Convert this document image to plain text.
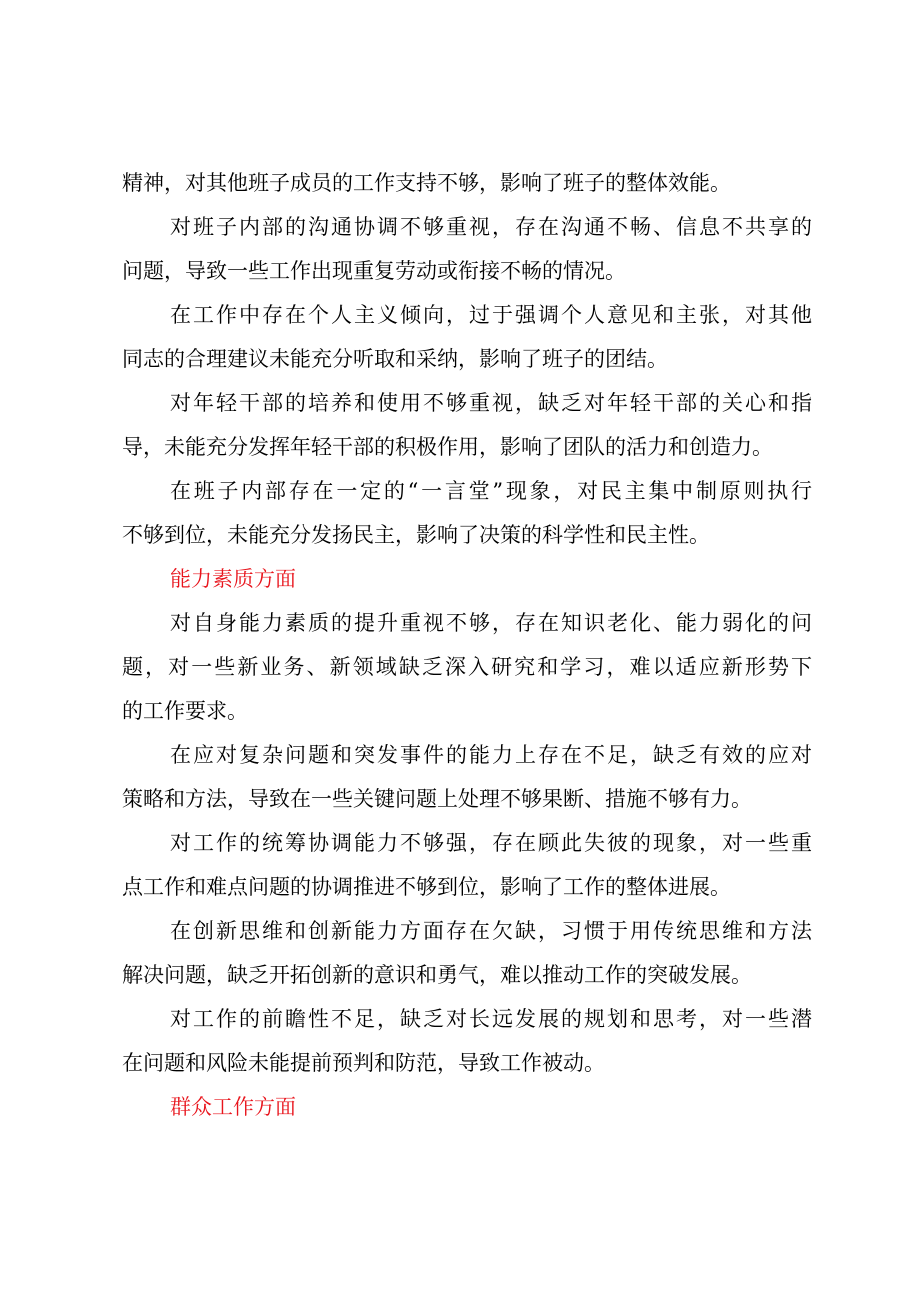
精神，对其他班子成员的工作支持不够，影响了班子的整体效能。
对班子内部的沟通协调不够重视，存在沟通不畅、信息不共享的
问题，导致一些工作出现重复劳动或衔接不畅的情况。
在工作中存在个人主义倾向，过于强调个人意见和主张，对其他
同志的合理建议未能充分听取和采纳，影响了班子的团结。
对年轻干部的培养和使用不够重视，缺乏对年轻干部的关心和指
导，未能充分发挥年轻干部的积极作用，影响了团队的活力和创造力。
在班子内部存在一定的“一言堂”现象，对民主集中制原则执行
不够到位，未能充分发扬民主，影响了决策的科学性和民主性。
能力素质方面
对自身能力素质的提升重视不够，存在知识老化、能力弱化的问
题，对一些新业务、新领域缺乏深入研究和学习，难以适应新形势下
的工作要求。
在应对复杂问题和突发事件的能力上存在不足，缺乏有效的应对
策略和方法，导致在一些关键问题上处理不够果断、措施不够有力。
对工作的统筹协调能力不够强，存在顾此失彼的现象，对一些重
点工作和难点问题的协调推进不够到位，影响了工作的整体进展。
在创新思维和创新能力方面存在欠缺，习惯于用传统思维和方法
解决问题，缺乏开拓创新的意识和勇气，难以推动工作的突破发展。
对工作的前瞻性不足，缺乏对长远发展的规划和思考，对一些潜
在问题和风险未能提前预判和防范，导致工作被动。
群众工作方面
